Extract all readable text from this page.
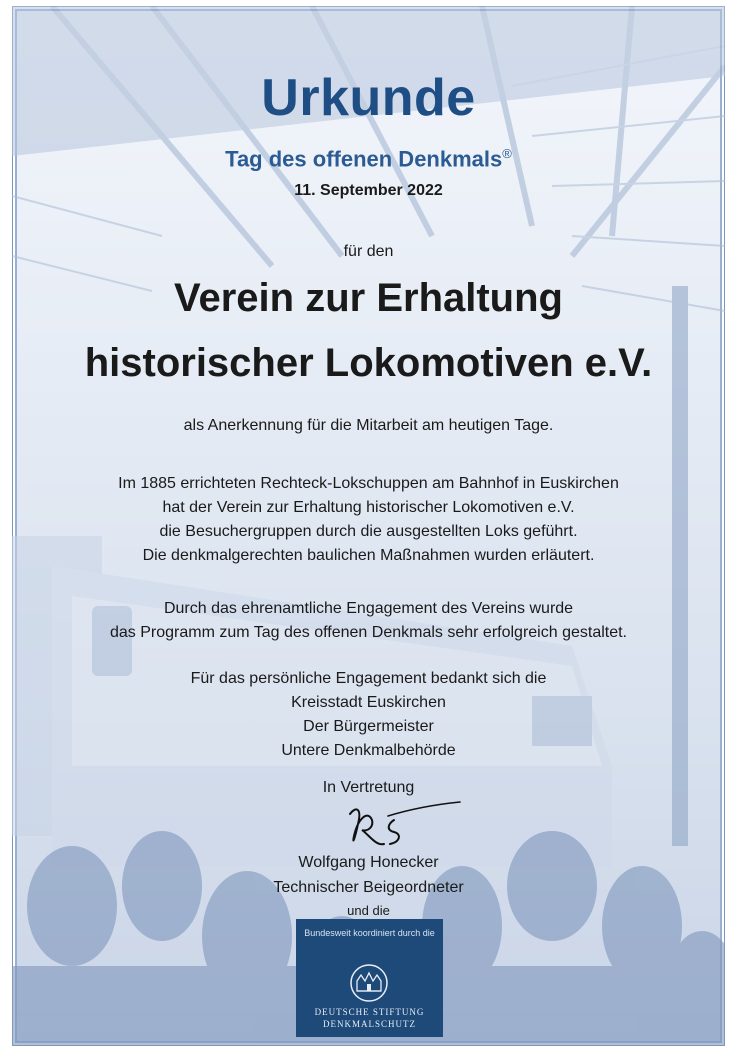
Urkunde
Tag des offenen Denkmals®
11. September 2022
für den
Verein zur Erhaltung
historischer Lokomotiven e.V.
als Anerkennung für die Mitarbeit am heutigen Tage.
Im 1885 errichteten Rechteck-Lokschuppen am Bahnhof in Euskirchen
hat der Verein zur Erhaltung historischer Lokomotiven e.V.
die Besuchergruppen durch die ausgestellten Loks geführt.
Die denkmalgerechten baulichen Maßnahmen wurden erläutert.
Durch das ehrenamtliche Engagement des Vereins wurde
das Programm zum Tag des offenen Denkmals sehr erfolgreich gestaltet.
Für das persönliche Engagement bedankt sich die
Kreisstadt Euskirchen
Der Bürgermeister
Untere Denkmalbehörde
In Vertretung
Wolfgang Honecker
Technischer Beigeordneter
und die
Bundesweit koordiniert durch die
DEUTSCHE STIFTUNG
DENKMALSCHUTZ
